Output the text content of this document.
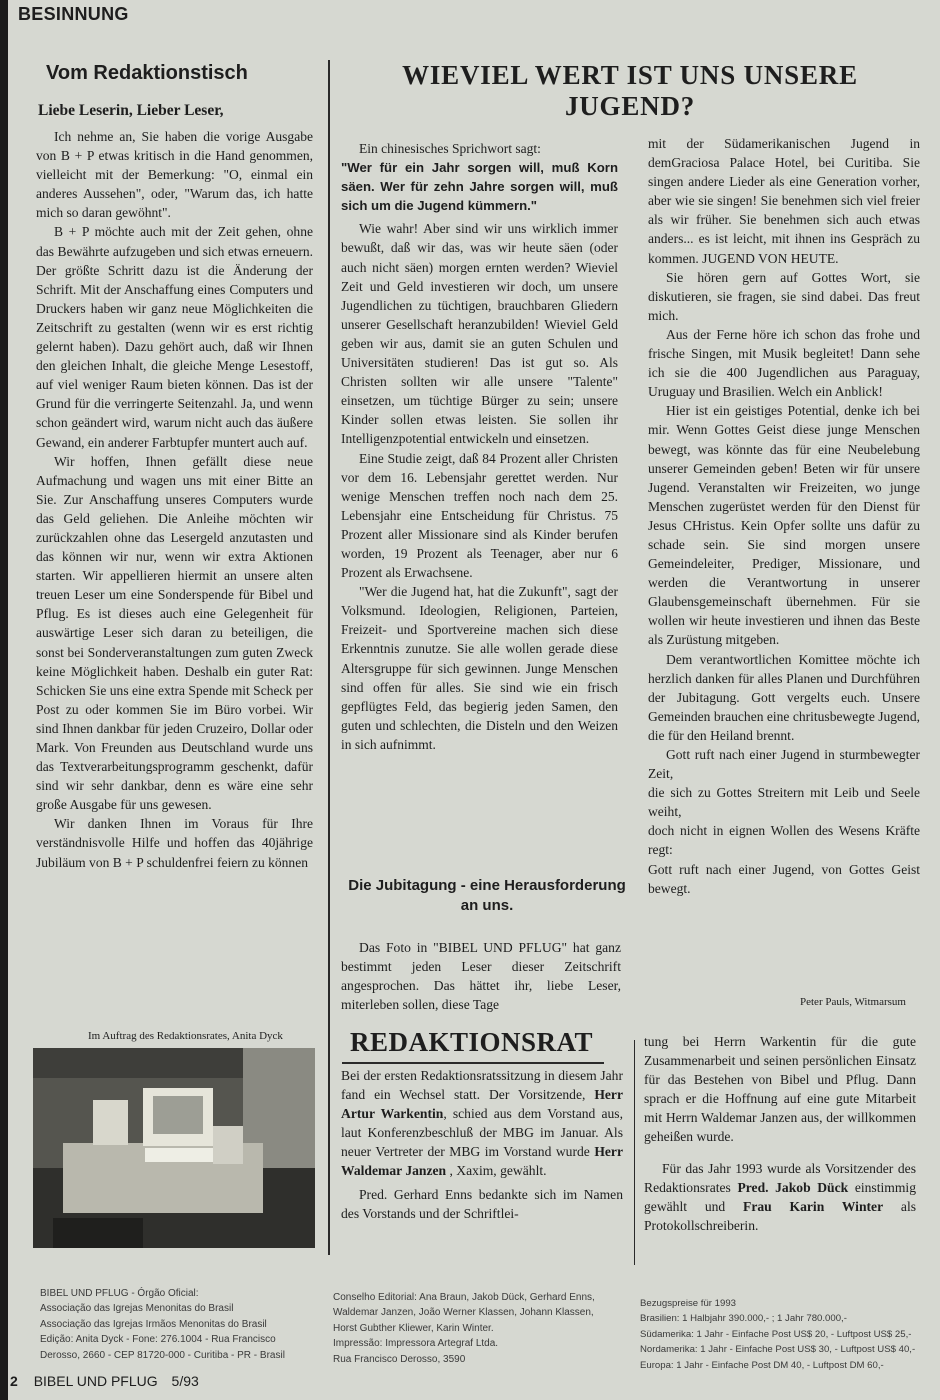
BESINNUNG
Vom Redaktionstisch
Liebe Leserin, Lieber Leser,

Ich nehme an, Sie haben die vorige Ausgabe von B + P etwas kritisch in die Hand genommen, vielleicht mit der Bemerkung: "O, einmal ein anderes Aussehen", oder, "Warum das, ich hatte mich so daran gewöhnt".

B + P möchte auch mit der Zeit gehen, ohne das Bewährte aufzugeben und sich etwas erneuern. Der größte Schritt dazu ist die Änderung der Schrift. Mit der Anschaffung eines Computers und Druckers haben wir ganz neue Möglichkeiten die Zeitschrift zu gestalten (wenn wir es erst richtig gelernt haben). Dazu gehört auch, daß wir Ihnen den gleichen Inhalt, die gleiche Menge Lesestoff, auf viel weniger Raum bieten können. Das ist der Grund für die verringerte Seitenzahl. Ja, und wenn schon geändert wird, warum nicht auch das äußere Gewand, ein anderer Farbtupfer muntert auch auf.

Wir hoffen, Ihnen gefällt diese neue Aufmachung und wagen uns mit einer Bitte an Sie. Zur Anschaffung unseres Computers wurde das Geld geliehen. Die Anleihe möchten wir zurückzahlen ohne das Lesergeld anzutasten und das können wir nur, wenn wir extra Aktionen starten. Wir appellieren hiermit an unsere alten treuen Leser um eine Sonderspende für Bibel und Pflug. Es ist dieses auch eine Gelegenheit für auswärtige Leser sich daran zu beteiligen, die sonst bei Sonderveranstaltungen zum guten Zweck keine Möglichkeit haben. Deshalb ein guter Rat: Schicken Sie uns eine extra Spende mit Scheck per Post zu oder kommen Sie im Büro vorbei. Wir sind Ihnen dankbar für jeden Cruzeiro, Dollar oder Mark. Von Freunden aus Deutschland wurde uns das Textverarbeitungsprogramm geschenkt, dafür sind wir sehr dankbar, denn es wäre eine sehr große Ausgabe für uns gewesen.

Wir danken Ihnen im Voraus für Ihre verständnisvolle Hilfe und hoffen das 40jährige Jubiläum von B + P schuldenfrei feiern zu können

Im Auftrag des Redaktionsrates, Anita Dyck
WIEVIEL WERT IST UNS UNSERE JUGEND?

Ein chinesisches Sprichwort sagt:

"Wer für ein Jahr sorgen will, muß Korn säen. Wer für zehn Jahre sorgen will, muß sich um die Jugend kümmern."

Wie wahr! Aber sind wir uns wirklich immer bewußt, daß wir das, was wir heute säen (oder auch nicht säen) morgen ernten werden? Wieviel Zeit und Geld investieren wir doch, um unsere Jugendlichen zu tüchtigen, brauchbaren Gliedern unserer Gesellschaft heranzubilden! Wieviel Geld geben wir aus, damit sie an guten Schulen und Universitäten studieren! Das ist gut so. Als Christen sollten wir alle unsere "Talente" einsetzen, um tüchtige Bürger zu sein; unsere Kinder sollen etwas leisten. Sie sollen ihr Intelligenzpotential entwickeln und einsetzen.

Eine Studie zeigt, daß 84 Prozent aller Christen vor dem 16. Lebensjahr gerettet werden. Nur wenige Menschen treffen noch nach dem 25. Lebensjahr eine Entscheidung für Christus. 75 Prozent aller Missionare sind als Kinder berufen worden, 19 Prozent als Teenager, aber nur 6 Prozent als Erwachsene.

"Wer die Jugend hat, hat die Zukunft", sagt der Volksmund. Ideologien, Religionen, Parteien, Freizeit- und Sportvereine machen sich diese Erkenntnis zunutze. Sie alle wollen gerade diese Altersgruppe für sich gewinnen. Junge Menschen sind offen für alles. Sie sind wie ein frisch gepflügtes Feld, das begierig jeden Samen, den guten und schlechten, die Disteln und den Weizen in sich aufnimmt.

Die Jubitagung - eine Herausforderung an uns.

Das Foto in "BIBEL UND PFLUG" hat ganz bestimmt jeden Leser dieser Zeitschrift angesprochen. Das hättet ihr, liebe Leser, miterleben sollen, diese Tage

mit der Südamerikanischen Jugend in demGraciosa Palace Hotel, bei Curitiba. Sie singen andere Lieder als eine Generation vorher, aber wie sie singen! Sie benehmen sich viel freier als wir früher. Sie benehmen sich auch etwas anders... es ist leicht, mit ihnen ins Gespräch zu kommen. JUGEND VON HEUTE.

Sie hören gern auf Gottes Wort, sie diskutieren, sie fragen, sie sind dabei. Das freut mich.

Aus der Ferne höre ich schon das frohe und frische Singen, mit Musik begleitet! Dann sehe ich sie die 400 Jugendlichen aus Paraguay, Uruguay und Brasilien. Welch ein Anblick!

Hier ist ein geistiges Potential, denke ich bei mir. Wenn Gottes Geist diese junge Menschen bewegt, was könnte das für eine Neubelebung unserer Gemeinden geben! Beten wir für unsere Jugend. Veranstalten wir Freizeiten, wo junge Menschen zugerüstet werden für den Dienst für Jesus CHristus. Kein Opfer sollte uns dafür zu schade sein. Sie sind morgen unsere Gemeindeleiter, Prediger, Missionare, und werden die Verantwortung in unserer Glaubensgemeinschaft übernehmen. Für sie wollen wir heute investieren und ihnen das Beste als Zurüstung mitgeben.

Dem verantwortlichen Komittee möchte ich herzlich danken für alles Planen und Durchführen der Jubitagung. Gott vergelts euch. Unsere Gemeinden brauchen eine chritusbewegte Jugend, die für den Heiland brennt.

Gott ruft nach einer Jugend in sturmbewegter Zeit,

die sich zu Gottes Streitern mit Leib und Seele weiht,

doch nicht in eignen Wollen des Wesens Kräfte regt:

Gott ruft nach einer Jugend, von Gottes Geist bewegt.

Peter Pauls, Witmarsum
REDAKTIONSRAT

Bei der ersten Redaktionsratssitzung in diesem Jahr fand ein Wechsel statt. Der Vorsitzende, Herr Artur Warkentin, schied aus dem Vorstand aus, laut Konferenzbeschluß der MBG im Januar. Als neuer Vertreter der MBG im Vorstand wurde Herr Waldemar Janzen , Xaxim, gewählt.

Pred. Gerhard Enns bedankte sich im Namen des Vorstands und der Schriftlei-

tung bei Herrn Warkentin für die gute Zusammenarbeit und seinen persönlichen Einsatz für das Bestehen von Bibel und Pflug. Dann sprach er die Hoffnung auf eine gute Mitarbeit mit Herrn Waldemar Janzen aus, der willkommen geheißen wurde.

Für das Jahr 1993 wurde als Vorsitzender des Redaktionsrates Pred. Jakob Dück einstimmig gewählt und Frau Karin Winter als Protokollschreiberin.

BIBEL UND PFLUG - Órgão Oficial:
Associação das Igrejas Menonitas do Brasil
Associação das Igrejas Irmãos Menonitas do Brasil
Edição: Anita Dyck - Fone: 276.1004 - Rua Francisco
Derosso, 2660 - CEP 81720-000 - Curitiba - PR - Brasil
Conselho Editorial: Ana Braun, Jakob Dück, Gerhard Enns,
Waldemar Janzen, João Werner Klassen, Johann Klassen,
Horst Gubther Kliewer, Karin Winter.
Impressão: Impressora Artegraf Ltda.
Rua Francisco Derosso, 3590
Bezugspreise für 1993
Brasilien: 1 Halbjahr 390.000,- ; 1 Jahr 780.000,-
Südamerika: 1 Jahr - Einfache Post US$ 20, - Luftpost US$ 25,-
Nordamerika: 1 Jahr - Einfache Post US$ 30, - Luftpost US$ 40,-
Europa: 1 Jahr - Einfache Post DM 40, - Luftpost DM 60,-
2 BIBEL UND PFLUG 5/93
